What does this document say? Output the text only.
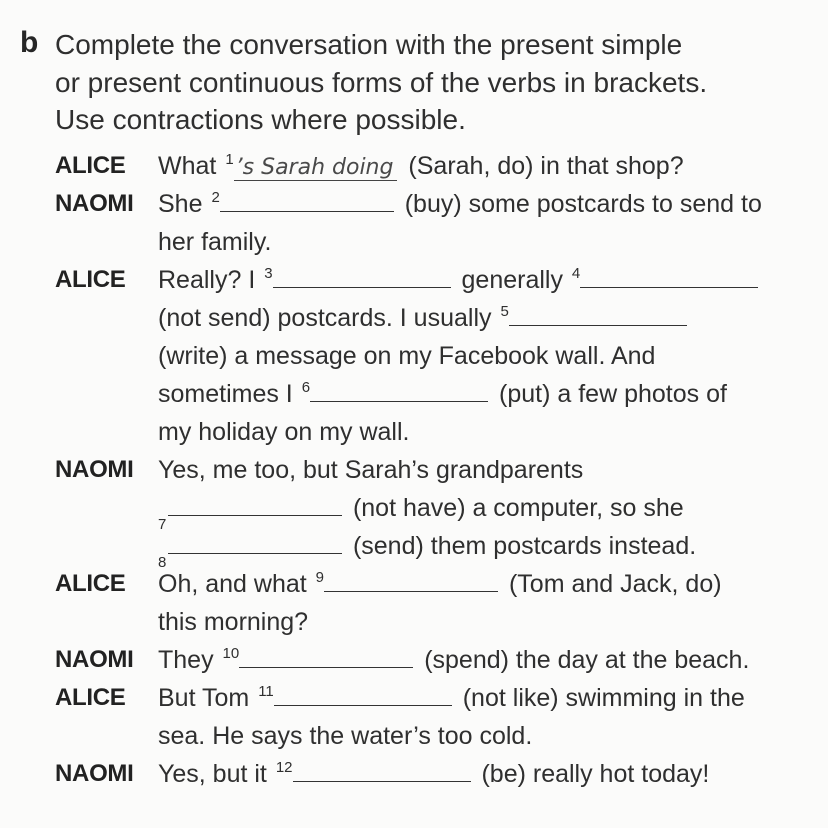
b Complete the conversation with the present simple
or present continuous forms of the verbs in brackets.
Use contractions where possible.
ALICE What $^1$’s Sarah doing (Sarah, do) in that shop?
NAOMI She $^2$	(buy) some postcards to send to
her family.
ALICE Really? I $^3$	generally $^4$
(not send) postcards. I usually $^5$
(write) a message on my Facebook wall. And
sometimes I $^6$	(put) a few photos of
my holiday on my wall.
NAOMI Yes, me too, but Sarah’s grandparents
7
(not have) a computer, so she
8
(send) them postcards instead.
ALICE Oh, and what $^9$	(Tom and Jack, do)
this morning?
NAOMI They $^{10}$	(spend) the day at the beach.
ALICE But Tom $^{11}$	(not like) swimming in the
sea. He says the water’s too cold.
NAOMI Yes, but it $^{12}$	(be) really hot today!
